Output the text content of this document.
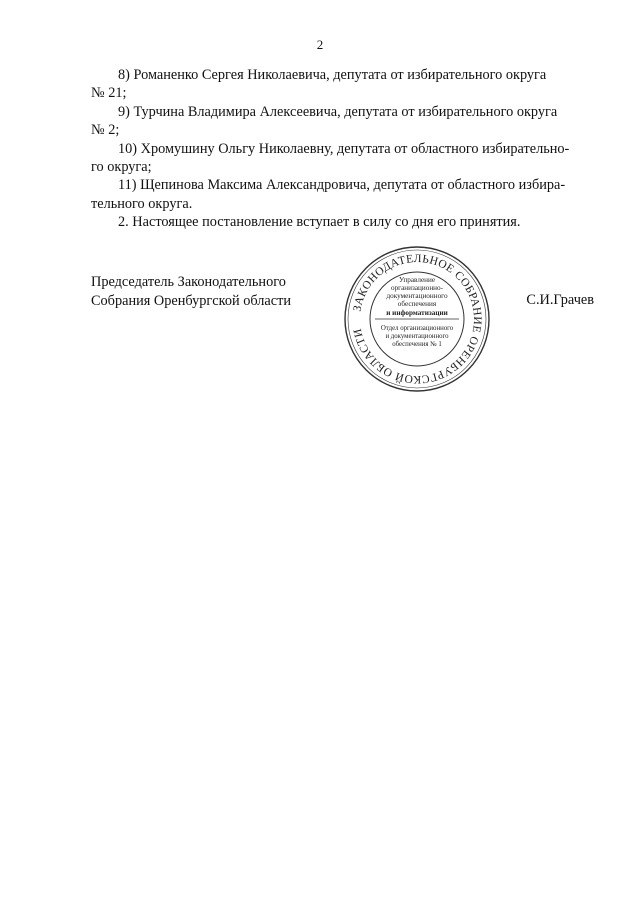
2

8) Романенко Сергея Николаевича, депутата от избирательного округа
№ 21;

9) Турчина Владимира Алексеевича, депутата от избирательного округа
№ 2;

10) Хромушину Ольгу Николаевну, депутата от областного избирательно-
го округа;

11) Щепинова Максима Александровича, депутата от областного избира-
тельного округа.

2. Настоящее постановление вступает в силу со дня его принятия.

Председатель Законодательного
Собрания Оренбургской области	С.И.Грачев
ЗАКОНОДАТЕЛЬНОЕ СОБРАНИЕ ОРЕНБУРГСКОЙ ОБЛАСТИ
Управление
организационно-
документационного
обеспечения
и информатизации
Отдел организационного
и документационного
обеспечения № 1
